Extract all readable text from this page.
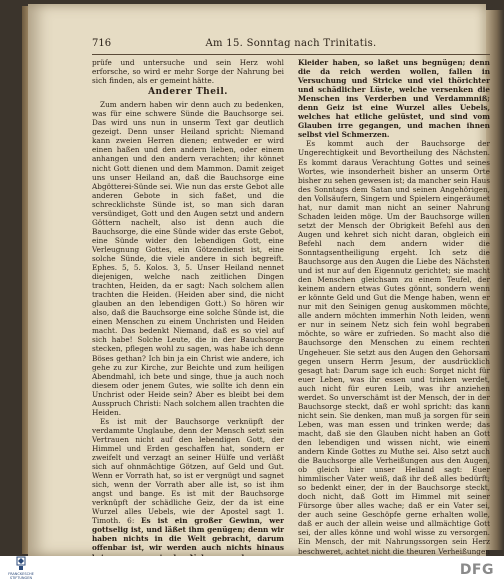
716	Am 15. Sonntag nach Trinitatis.

prüfe und untersuche und sein Herz wohl erforsche, so wird er mehr Sorge der Nahrung bei sich finden, als er gemeint hätte.

Anderer Theil.

Zum andern haben wir denn auch zu bedenken, was für eine schwere Sünde die Bauchsorge sei. Das wird uns nun in unserm Text gar deutlich gezeigt. Denn unser Heiland spricht: Niemand kann zweien Herren dienen; entweder er wird einen haßen und den andern lieben, oder einem anhangen und den andern verachten; ihr könnet nicht Gott dienen und dem Mammon. Damit zeiget uns unser Heiland an, daß die Bauchsorge eine Abgötterei-Sünde sei. Wie nun das erste Gebot alle anderen Gebote in sich faßet, und die schrecklichste Sünde ist, so man sich daran versündiget, Gott und den Augen setzt und andern Göttern nachelt, also ist denn auch die Bauchsorge, die eine Sünde wider das erste Gebot, eine Sünde wider den lebendigen Gott, eine Verleugnung Gottes, ein Götzendienst ist, eine solche Sünde, die viele andere in sich begreift. Ephes. 5, 5. Kolos. 3, 5. Unser Heiland nennet diejenigen, welche nach zeitlichen Dingen trachten, Heiden, da er sagt: Nach solchem allen trachten die Heiden. (Heiden aber sind, die nicht glauben an den lebendigen Gott.) So hören wir also, daß die Bauchsorge eine solche Sünde ist, die einen Menschen zu einem Unchristen und Heiden macht. Das bedenkt Niemand, daß es so viel auf sich habe! Solche Leute, die in der Bauchsorge stecken, pflegen wohl zu sagen, was habe ich denn Böses gethan? Ich bin ja ein Christ wie andere, ich gehe zu zur Kirche, zur Beichte und zum heiligen Abendmahl, ich bete und singe, thue ja auch noch diesem oder jenem Gutes, wie sollte ich denn ein Unchrist oder Heide sein? Aber es bleibt bei dem Ausspruch Christi: Nach solchem allen trachten die Heiden.

Es ist mit der Bauchsorge verknüpft der verdammte Unglaube, denn der Mensch setzt sein Vertrauen nicht auf den lebendigen Gott, der Himmel und Erden geschaffen hat, sondern er zweifelt und verzagt an seiner Hülfe und verläßt sich auf ohnmächtige Götzen, auf Geld und Gut. Wenn er Vorrath hat, so ist er vergnügt und sagnet sich, wenn der Vorrath aber alle ist, so ist ihm angst und bange. Es ist mit der Bauchsorge verknüpft der schädliche Geiz, der da ist eine Wurzel alles Uebels, wie der Apostel sagt 1. Timoth. 6: Es ist ein großer Gewinn, wer gottselig ist, und läßet ihm genügen; denn wir haben nichts in die Welt gebracht, darum offenbar ist, wir werden auch nichts hinaus

Kleider haben, so laßet uns begnügen; denn die da reich werden wollen, fallen in Versuchung und Stricke und viel thörichter und schädlicher Lüste, welche versenken die Menschen ins Verderben und Verdammniß; denn Geiz ist eine Wurzel alles Uebels, welches hat etliche gelüstet, und sind vom Glauben irre gegangen, und machen ihnen selbst viel Schmerzen.

Es kommt auch der Bauchsorge der Ungerechtigkeit und Bevortheilung des Nächsten. Es kommt daraus Verachtung Gottes und seines Wortes, wie insonderheit bisher an unserm Orte bisher zu sehen gewesen ist; da mancher sein Haus des Sonntags dem Satan und seinen Angehörigen, den Vollsäufern, Singern und Spielern eingeräumet hat, nur damit man nicht an seiner Nahrung Schaden leiden möge. Um der Bauchsorge willen setzt der Mensch der Obrigkeit Befehl aus den Augen und kehret sich nicht daran, obgleich ein Befehl nach dem andern wider die Sonntagsentheiligung ergeht. Ich setz die Bauchsorge aus den Augen die Liebe des Nächsten und ist nur auf den Eigennutz gerichtet; sie macht den Menschen gleichsam zu einem Teufel, der keinem andern etwas Gutes gönnt, sondern wenn er könnte Geld und Gut die Menge haben, wenn er nur mit den Seinigen genug auskommen möchte, alle andern möchten immerhin Noth leiden, wenn er nur in seinem Netz sich fein wohl begraben möchte, so wäre er zufrieden. So macht also die Bauchsorge den Menschen zu einem rechten Ungeheuer. Sie setzt aus den Augen den Gehorsam gegen unsern Herrn Jesum, der ausdrücklich gesagt hat: Darum sage ich euch: Sorget nicht für euer Leben, was ihr essen und trinken werdet, auch nicht für euren Leib, was ihr anziehen werdet. So unverschämt ist der Mensch, der in der Bauchsorge steckt, daß er wohl spricht: das kann nicht sein. Sie denken, man muß ja sorgen für sein Leben, was man essen und trinken werde; das macht, daß sie den Glauben nicht haben an Gott den lebendigen und wissen nicht, wie einem andern Kinde Gottes zu Muthe sei. Also setzt auch die Bauchsorge alle Verheißungen aus den Augen, ob gleich hier unser Heiland sagt: Euer himmlischer Vater weiß, daß ihr deß alles bedürft; so bedenkt einer, der in der Bauchsorge steckt, doch nicht, daß Gott im Himmel mit seiner Fürsorge über alles wache; daß er ein Vater sei, der auch seine Geschöpfe gerne erhalten wolle, daß er auch der allein weise und allmächtige Gott sei, der alles könne und wohl wisse zu versorgen. Ein Mensch, der mit Nahrungssorgen sein Herz beschweret, achtet nicht die theuren Verheißungen

FRANCKESCHE STIFTUNGEN	DFG
